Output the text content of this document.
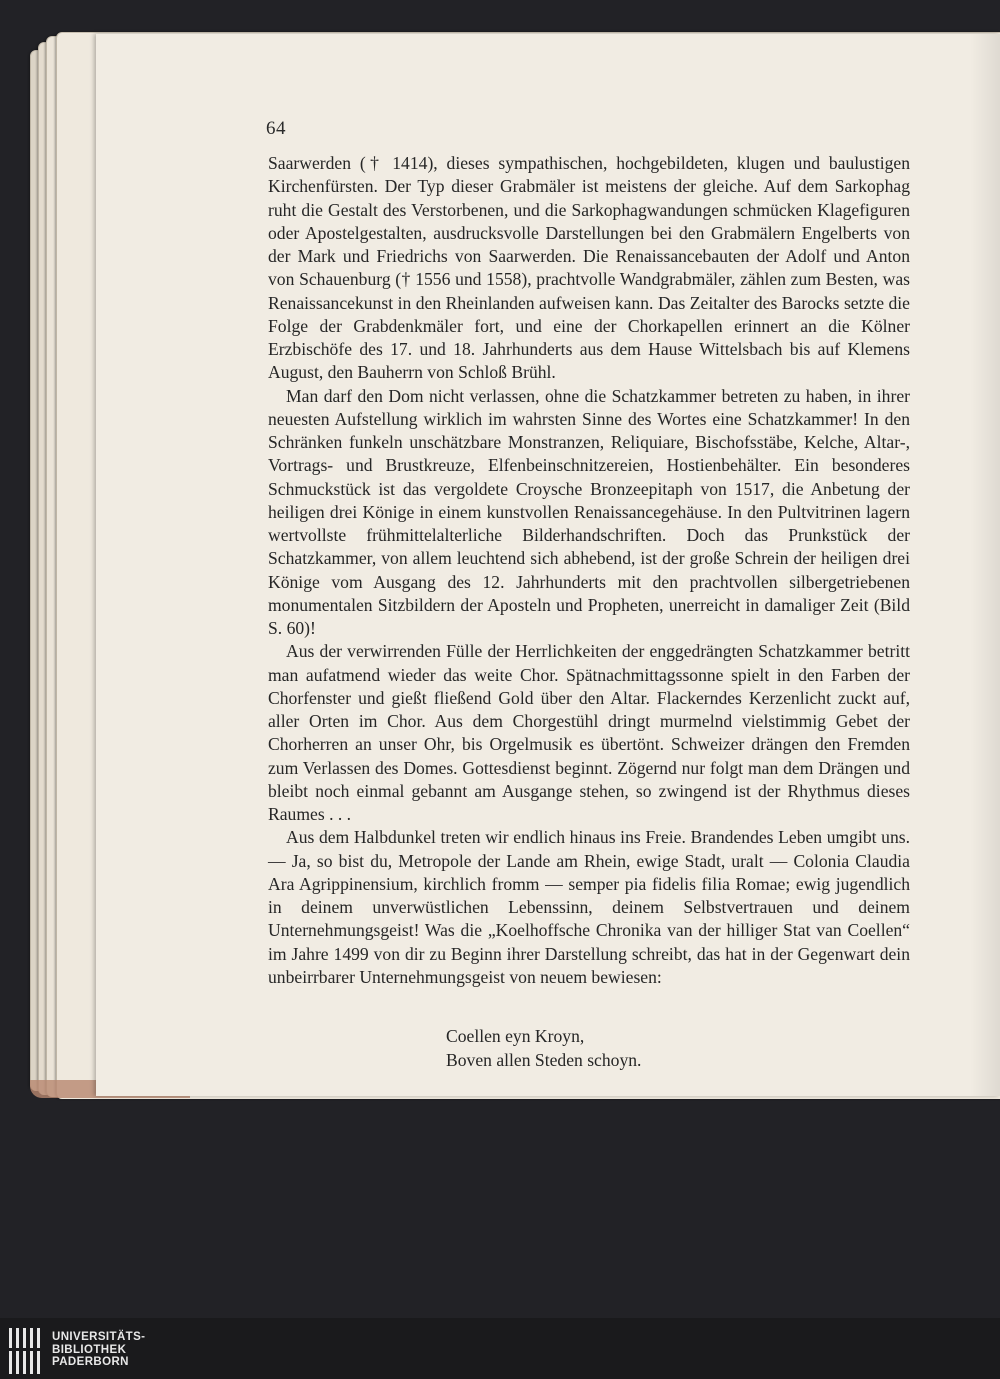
64

Saarwerden († 1414), dieses sympathischen, hochgebildeten, klugen und baulustigen Kirchenfürsten. Der Typ dieser Grabmäler ist meistens der gleiche. Auf dem Sarkophag ruht die Gestalt des Verstorbenen, und die Sarkophagwandungen schmücken Klagefiguren oder Apostelgestalten, ausdrucksvolle Darstellungen bei den Grabmälern Engelberts von der Mark und Friedrichs von Saarwerden. Die Renaissancebauten der Adolf und Anton von Schauenburg († 1556 und 1558), prachtvolle Wandgrabmäler, zählen zum Besten, was Renaissancekunst in den Rheinlanden aufweisen kann. Das Zeitalter des Barocks setzte die Folge der Grabdenkmäler fort, und eine der Chorkapellen erinnert an die Kölner Erzbischöfe des 17. und 18. Jahrhunderts aus dem Hause Wittelsbach bis auf Klemens August, den Bauherrn von Schloß Brühl.

Man darf den Dom nicht verlassen, ohne die Schatzkammer betreten zu haben, in ihrer neuesten Aufstellung wirklich im wahrsten Sinne des Wortes eine Schatzkammer! In den Schränken funkeln unschätzbare Monstranzen, Reliquiare, Bischofsstäbe, Kelche, Altar-, Vortrags- und Brustkreuze, Elfenbeinschnitzereien, Hostienbehälter. Ein besonderes Schmuckstück ist das vergoldete Croysche Bronzeepitaph von 1517, die Anbetung der heiligen drei Könige in einem kunstvollen Renaissancegehäuse. In den Pultvitrinen lagern wertvollste frühmittelalterliche Bilderhandschriften. Doch das Prunkstück der Schatzkammer, von allem leuchtend sich abhebend, ist der große Schrein der heiligen drei Könige vom Ausgang des 12. Jahrhunderts mit den prachtvollen silbergetriebenen monumentalen Sitzbildern der Aposteln und Propheten, unerreicht in damaliger Zeit (Bild S. 60)!

Aus der verwirrenden Fülle der Herrlichkeiten der enggedrängten Schatzkammer betritt man aufatmend wieder das weite Chor. Spätnachmittagssonne spielt in den Farben der Chorfenster und gießt fließend Gold über den Altar. Flackerndes Kerzenlicht zuckt auf, aller Orten im Chor. Aus dem Chorgestühl dringt murmelnd vielstimmig Gebet der Chorherren an unser Ohr, bis Orgelmusik es übertönt. Schweizer drängen den Fremden zum Verlassen des Domes. Gottesdienst beginnt. Zögernd nur folgt man dem Drängen und bleibt noch einmal gebannt am Ausgange stehen, so zwingend ist der Rhythmus dieses Raumes . . .

Aus dem Halbdunkel treten wir endlich hinaus ins Freie. Brandendes Leben umgibt uns. — Ja, so bist du, Metropole der Lande am Rhein, ewige Stadt, uralt — Colonia Claudia Ara Agrippinensium, kirchlich fromm — semper pia fidelis filia Romae; ewig jugendlich in deinem unverwüstlichen Lebenssinn, deinem Selbstvertrauen und deinem Unternehmungsgeist! Was die „Koelhoffsche Chronika van der hilliger Stat van Coellen“ im Jahre 1499 von dir zu Beginn ihrer Darstellung schreibt, das hat in der Gegenwart dein unbeirrbarer Unternehmungsgeist von neuem bewiesen:

Coellen eyn Kroyn,
Boven allen Steden schoyn.
UNIVERSITÄTS-
BIBLIOTHEK
PADERBORN
